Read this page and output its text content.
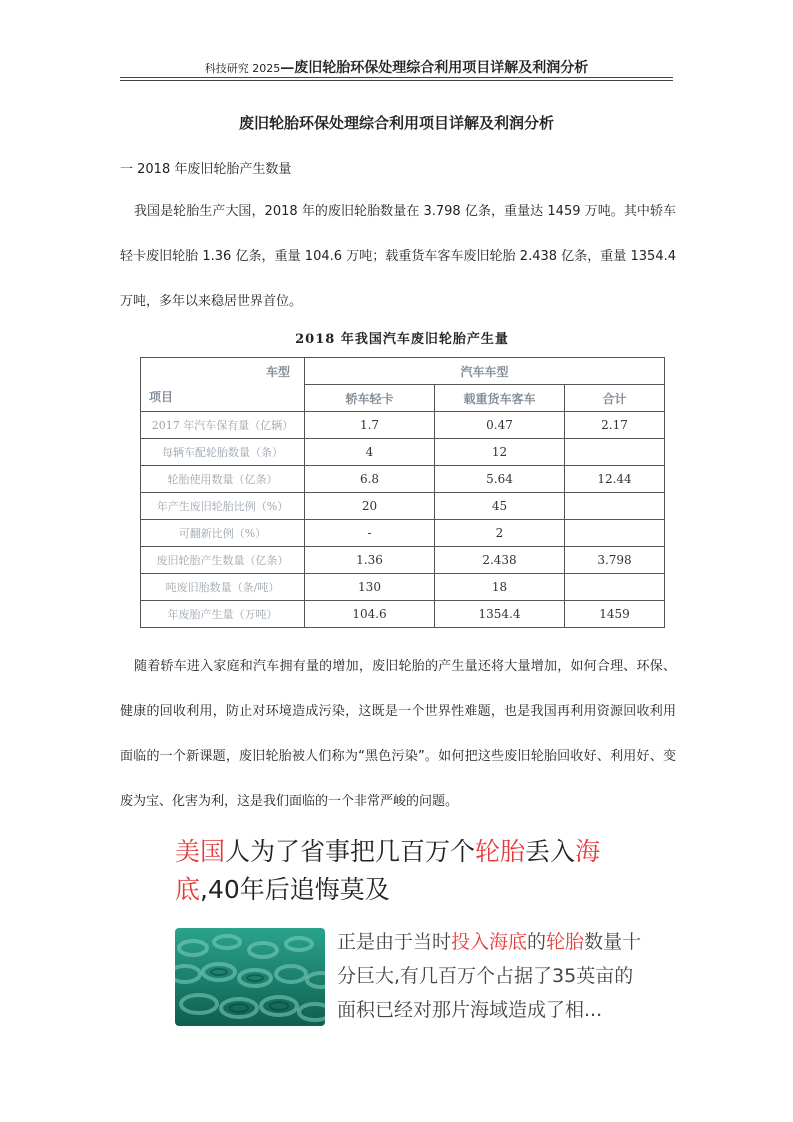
科技研究 2025—废旧轮胎环保处理综合利用项目详解及利润分析
废旧轮胎环保处理综合利用项目详解及利润分析
一 2018 年废旧轮胎产生数量

我国是轮胎生产大国，2018 年的废旧轮胎数量在 3.798 亿条，重量达 1459 万吨。其中轿车轻卡废旧轮胎 1.36 亿条，重量 104.6 万吨；载重货车客车废旧轮胎 2.438 亿条，重量 1354.4 万吨，多年以来稳居世界首位。

2018 年我国汽车废旧轮胎产生量
车型
项目	汽车车型		
	轿车轻卡	载重货车客车	合计
2017 年汽车保有量（亿辆）	1.7	0.47	2.17
每辆车配轮胎数量（条）	4	12	
轮胎使用数量（亿条）	6.8	5.64	12.44
年产生废旧轮胎比例（%）	20	45	
可翻新比例（%）	-	2	
废旧轮胎产生数量（亿条）	1.36	2.438	3.798
吨废旧胎数量（条/吨）	130	18	
年废胎产生量（万吨）	104.6	1354.4	1459

随着轿车进入家庭和汽车拥有量的增加，废旧轮胎的产生量还将大量增加，如何合理、环保、健康的回收利用，防止对环境造成污染，这既是一个世界性难题，也是我国再利用资源回收利用面临的一个新课题，废旧轮胎被人们称为“黑色污染”。如何把这些废旧轮胎回收好、利用好、变废为宝、化害为利，这是我们面临的一个非常严峻的问题。

美国人为了省事把几百万个轮胎丢入海底,40年后追悔莫及
正是由于当时投入海底的轮胎数量十分巨大,有几百万个占据了35英亩的面积已经对那片海域造成了相...
